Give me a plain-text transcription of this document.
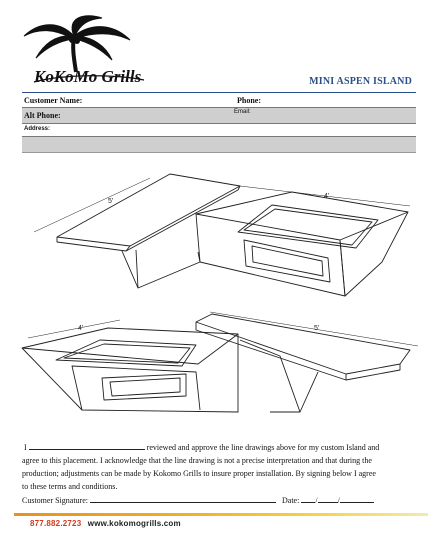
KoKoMo Grills	MINI ASPEN ISLAND
Customer Name:	Phone:
Alt Phone:	Email:
Address:
5'
4'
4'	5'

I	reviewed and approve the line drawings above for my custom Island and

agree to this placement. I acknowledge that the line drawing is not a precise interpretation and that during the

production; adjustments can be made by Kokomo Grills to insure proper installation. By signing below I agree

to these terms and conditions.

Customer Signature:	Date: /	/

877.882.2723 www.kokomogrills.com
